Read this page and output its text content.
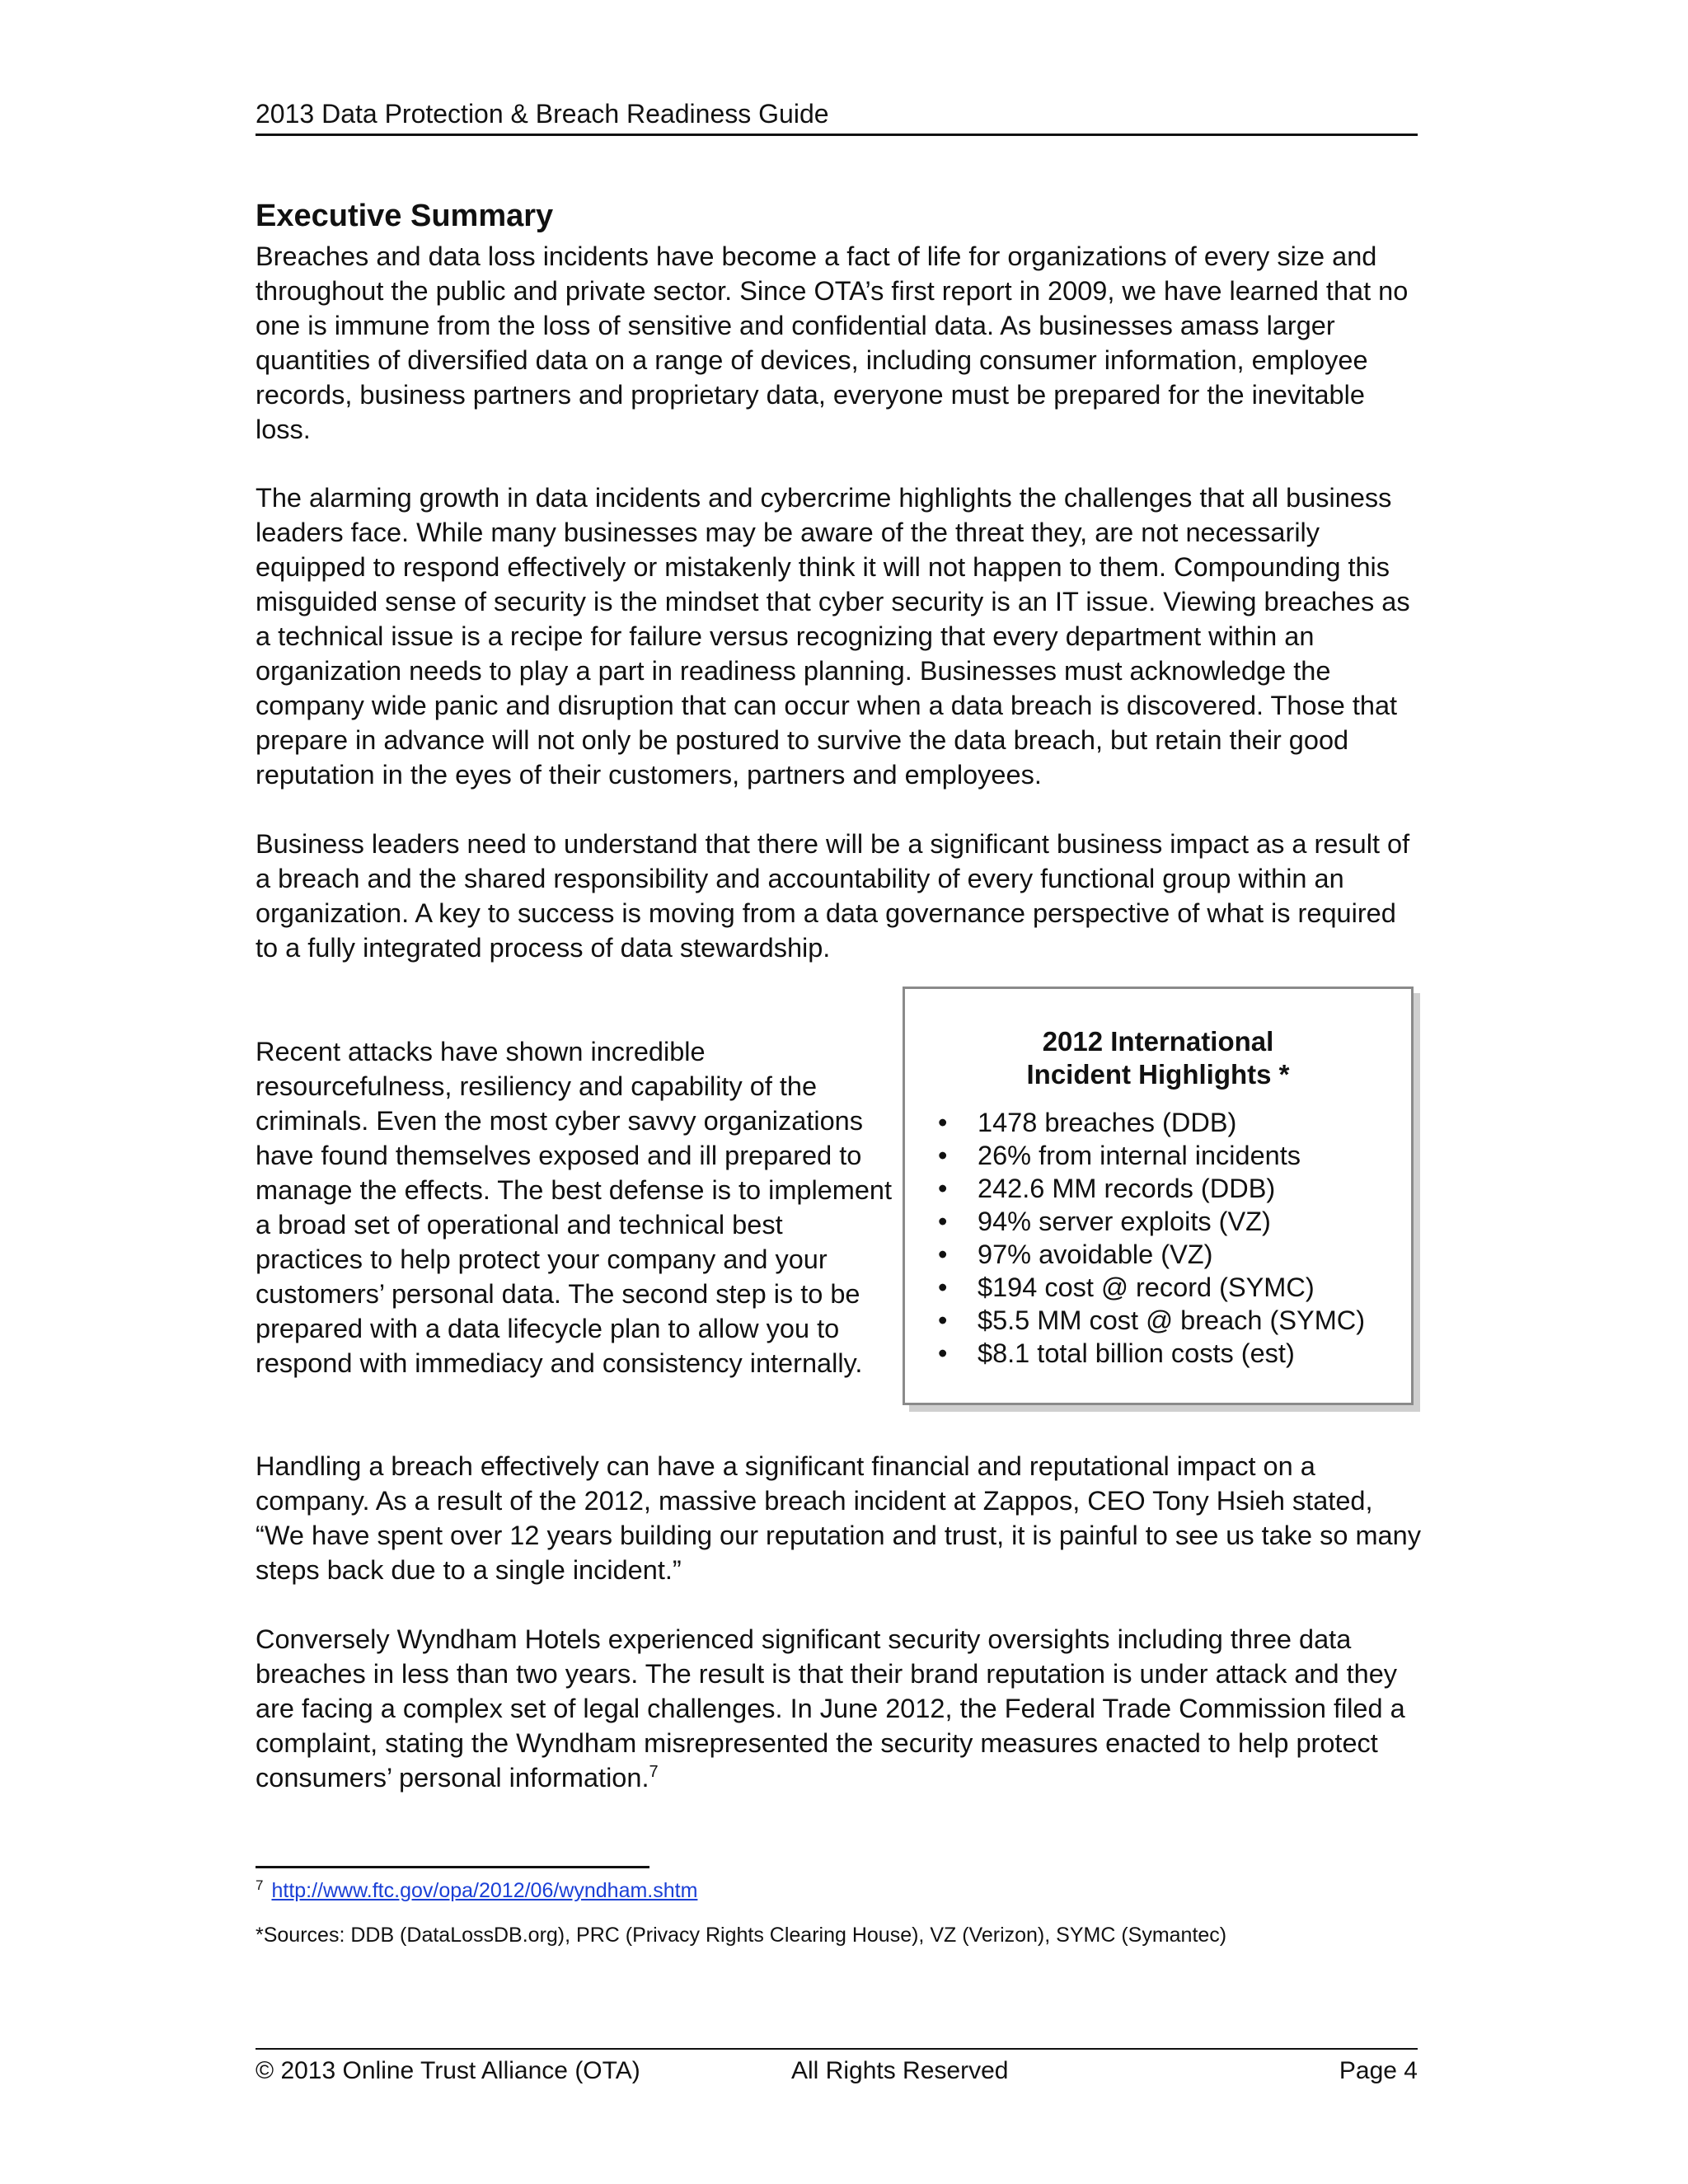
2013 Data Protection & Breach Readiness Guide
Executive Summary

Breaches and data loss incidents have become a fact of life for organizations of every size and throughout the public and private sector. Since OTA’s first report in 2009, we have learned that no one is immune from the loss of sensitive and confidential data. As businesses amass larger quantities of diversified data on a range of devices, including consumer information, employee records, business partners and proprietary data, everyone must be prepared for the inevitable loss.

The alarming growth in data incidents and cybercrime highlights the challenges that all business leaders face. While many businesses may be aware of the threat they, are not necessarily equipped to respond effectively or mistakenly think it will not happen to them. Compounding this misguided sense of security is the mindset that cyber security is an IT issue. Viewing breaches as a technical issue is a recipe for failure versus recognizing that every department within an organization needs to play a part in readiness planning. Businesses must acknowledge the company wide panic and disruption that can occur when a data breach is discovered. Those that prepare in advance will not only be postured to survive the data breach, but retain their good reputation in the eyes of their customers, partners and employees.

Business leaders need to understand that there will be a significant business impact as a result of a breach and the shared responsibility and accountability of every functional group within an organization. A key to success is moving from a data governance perspective of what is required to a fully integrated process of data stewardship.

Recent attacks have shown incredible resourcefulness, resiliency and capability of the criminals. Even the most cyber savvy organizations have found themselves exposed and ill prepared to manage the effects. The best defense is to implement a broad set of operational and technical best practices to help protect your company and your customers’ personal data. The second step is to be prepared with a data lifecycle plan to allow you to respond with immediacy and consistency internally.

2012 International
Incident Highlights *
• 1478 breaches (DDB)
• 26% from internal incidents
• 242.6 MM records (DDB)
• 94% server exploits (VZ)
• 97% avoidable (VZ)
• $194 cost @ record (SYMC)
• $5.5 MM cost @ breach (SYMC)
• $8.1 total billion costs (est)

Handling a breach effectively can have a significant financial and reputational impact on a company. As a result of the 2012, massive breach incident at Zappos, CEO Tony Hsieh stated, “We have spent over 12 years building our reputation and trust, it is painful to see us take so many steps back due to a single incident.”

Conversely Wyndham Hotels experienced significant security oversights including three data breaches in less than two years. The result is that their brand reputation is under attack and they are facing a complex set of legal challenges. In June 2012, the Federal Trade Commission filed a complaint, stating the Wyndham misrepresented the security measures enacted to help protect consumers’ personal information.$^7$

$^7$ http://www.ftc.gov/opa/2012/06/wyndham.shtm
*Sources: DDB (DataLossDB.org), PRC (Privacy Rights Clearing House), VZ (Verizon), SYMC (Symantec)
© 2013 Online Trust Alliance (OTA)	All Rights Reserved	Page 4
